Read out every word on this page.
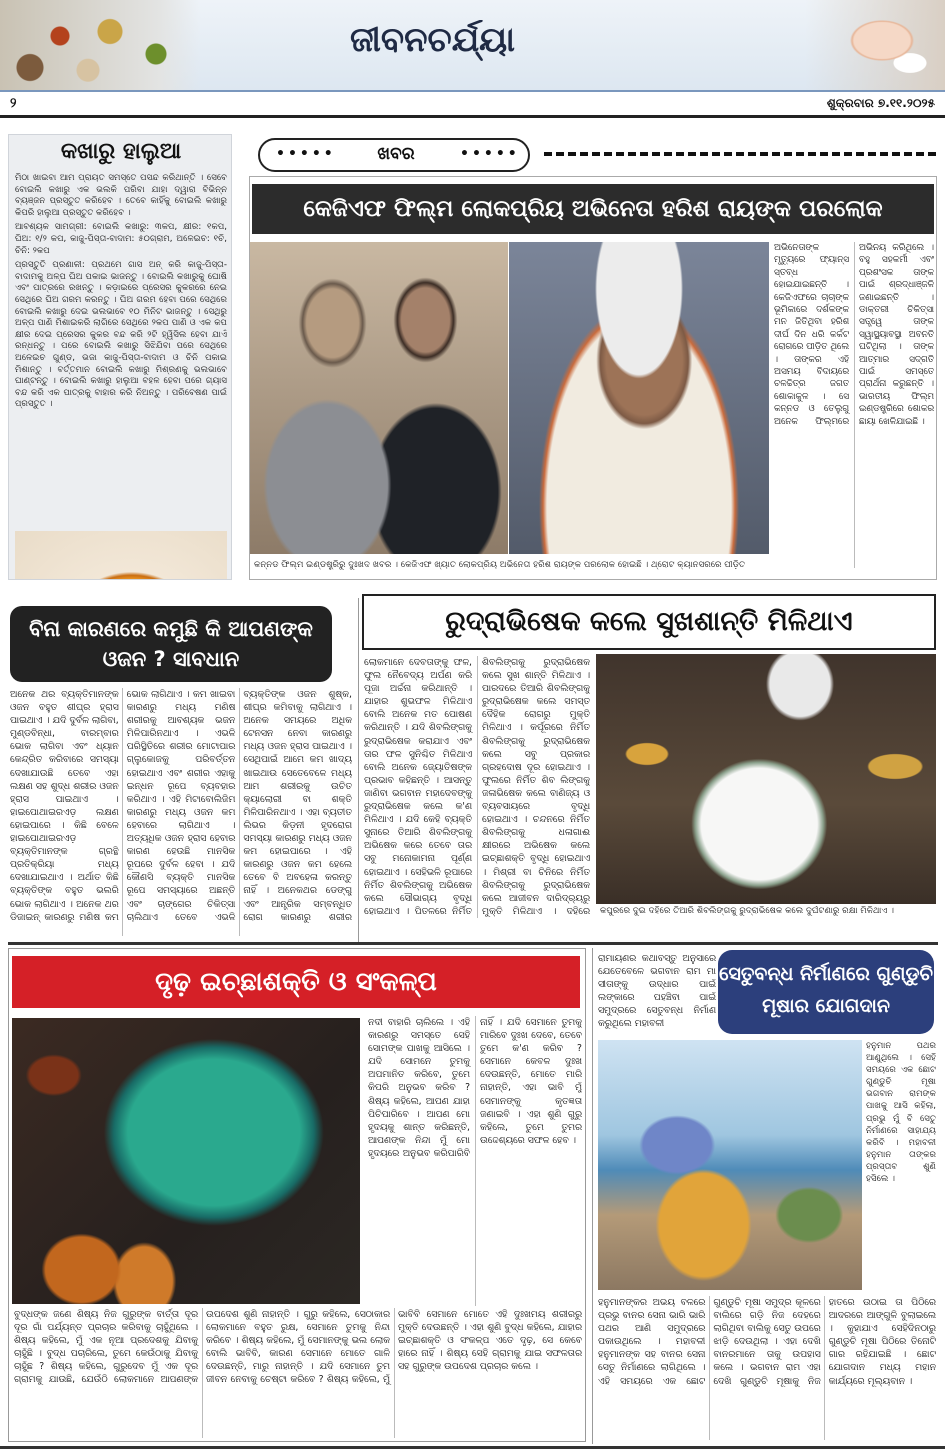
ଜୀବନଚର୍ଯ୍ୟା
୨	ଶୁକ୍ରବାର ୭.୧୧.୨୦୨୫
କଖାରୁ ହାଲୁଆ

ମିଠା ଖାଇବା ଆମ ପ୍ରାୟତ ସମସ୍ତେ ପସନ୍ଦ କରିଥାନ୍ତି । ସେବେ ବୋଇଲି କଖାରୁ ଏକ ଭଲକି ପରିବା ଯାହା ଦ୍ୱାରା ବିଭିନ୍ନ ବ୍ୟଞ୍ଜନ ପ୍ରସ୍ତୁତ କରିହେବ । ତେବେ କାହିଁକୁ ବୋଇଲି କଖାରୁ କିପରି ହାଲୁଆ ପ୍ରସ୍ତୁତ କରିହେବ ।

ଆବଶ୍ୟକ ସାମଗ୍ରୀ: ବୋଇଲି କଖାରୁ: ୩କପ, କ୍ଷୀର: ୧କପ, ଘିଅ: ୧/୨ କପ, କାଜୁ-ପିସ୍ତା-ବାଦାମ: ୫୦ଗ୍ରାମ, ଅଳେଇଚ: ୧ଚି, ଚିନି: ୨କପ

ପ୍ରସ୍ତୁତି ପ୍ରଣାଳୀ: ପ୍ରଥମେ ଗାସ ଅନ୍ କରି କାଜୁ-ପିସ୍ତା-ବାଦାମକୁ ଅଳ୍ପ ଘିଅ ପକାଇ ଭାଜନ୍ତୁ । ବୋଇଲି କଖାରୁକୁ ଘୋଷି ଏବଂ ପାତ୍ରରେ ରଖନ୍ତୁ । କଡ଼ାଇରେ ପ୍ରେସର କୁକରରେ ନେଇ ସେଥିରେ ଘିଅ ଗରମ କରନ୍ତୁ । ଘିଅ ଗରମ ହେବା ପରେ ସେଥିରେ ବୋଇଲି କଖାରୁ ଦେଇ ଭଲଭାବେ ୧୦ ମିନିଟ ଭାଜନ୍ତୁ । ସେଥିରୁ ଅଳ୍ପ ପାଣି ମିଶାଇକରି ଲାଗିରେ ସେଥିରେ ୨କପ ପାଣି ଓ ଏକ କପ କ୍ଷୀର ଦେଇ ପ୍ରେସର କୁକର ବନ୍ଦ କରି ୨ଟି ହ୍ୱିସିଲ ହେବା ଯାଏଁ ରନ୍ଧନ୍ତୁ । ପରେ ବୋଇଲି କଖାରୁ ସିଝିଯିବା ପରେ ସେଥିରେ ଅଳେଇଚ ଗୁଣ୍ଡ, ଭଜା କାଜୁ-ପିସ୍ତା-ବାଦାମ ଓ ଚିନି ପକାଇ ମିଶାନ୍ତୁ । ବର୍ତ୍ତମାନ ବୋଇଲି କଖାରୁ ମିଶ୍ରଣକୁ ଭଲଭାବେ ଘାଣ୍ଟନ୍ତୁ । ବୋଇଲି କଖାରୁ ହାଲୁଆ ବହଳ ହେବା ପରେ ଗ୍ୟାସ ବନ୍ଦ କରି ଏକ ପାତ୍ରକୁ ବାହାର କରି ନିଅନ୍ତୁ । ପରିବେଷଣ ପାଇଁ ପ୍ରସ୍ତୁତ ।

•••••	ଖବର	•••••
କେଜିଏଫ ଫିଲ୍ମ ଲୋକପ୍ରିୟ ଅଭିନେତା ହରିଶ ରାୟଙ୍କ ପରଲୋକ
ଅଭିନେତାଙ୍କ ମୃତ୍ୟୁରେ ଫ୍ୟାନ୍ସ ସ୍ତବ୍ଧ ହୋଇଯାଇଛନ୍ତି । କେଜିଏଫରେ ଚାଚାଙ୍କ ଭୂମିକାରେ ଦର୍ଶକଙ୍କ ମନ ଜିତିଥିବା ହରିଶ ଦୀର୍ଘ ଦିନ ଧରି କର୍କଟ ରୋଗରେ ପୀଡ଼ିତ ଥିଲେ । ତାଙ୍କର ଏହି ଅସମୟ ବିଦାୟରେ ଚଳଚ୍ଚିତ୍ର ଜଗତ ଶୋକାକୁଳ । ସେ କନ୍ନଡ ଓ ତେଲୁଗୁ ଅନେକ ଫିଲ୍ମରେ ଅଭିନୟ କରିଥିଲେ । ବହୁ ସହକର୍ମୀ ଏବଂ ପ୍ରଶଂସକ ତାଙ୍କ ପାଇଁ ଶ୍ରଦ୍ଧାଞ୍ଜଳି ଜଣାଇଛନ୍ତି । ଡାକ୍ତରୀ ଚିକିତ୍ସା ସତ୍ତ୍ୱେ ତାଙ୍କ ସ୍ୱାସ୍ଥ୍ୟାବସ୍ଥା ଅବନତି ଘଟିଥିଲା । ତାଙ୍କ ଆତ୍ମାର ସଦ୍ଗତି ପାଇଁ ସମସ୍ତେ ପ୍ରାର୍ଥନା କରୁଛନ୍ତି । ଭାରତୀୟ ଫିଲ୍ମ ଇଣ୍ଡଷ୍ଟ୍ରିରେ ଶୋକର ଛାୟା ଖେଳିଯାଇଛି ।
କନ୍ନଡ ଫିଲ୍ମ ଇଣ୍ଡଷ୍ଟ୍ରିରୁ ଦୁଃଖଦ ଖବର । କେଜିଏଫ ଖ୍ୟାତ ଲୋକପ୍ରିୟ ଅଭିନେତା ହରିଶ ରାୟଙ୍କ ପରଲୋକ ହୋଇଛି । ଥ୍ରୋଟ କ୍ୟାନସରରେ ପୀଡ଼ିତ
ବିନା କାରଣରେ କମୁଛି କି ଆପଣଙ୍କ ଓଜନ ? ସାବଧାନ
ଅନେକ ଥର ବ୍ୟକ୍ତିମାନଙ୍କ ଓଜନ ବହୁତ ଶୀଘ୍ର ହ୍ରାସ ପାଇଥାଏ । ଯଦି ଦୁର୍ବଳ ଲାଗିବା, ମୁଣ୍ଡବିନ୍ଧା, ବାରମ୍ବାର ଭୋକ ଲାଗିବା ଏବଂ ଧ୍ୟାନ କେନ୍ଦ୍ରିତ କରିବାରେ ସମସ୍ୟା ଦେଖାଯାଉଛି ତେବେ ଏହା ଲକ୍ଷଣ ସହ ଶୁଦ୍ଧ ଶରୀର ଓଜନ ହ୍ରାସ ପାଇଥାଏ । ହାଇପୋଥାଇରଏଡ଼ ଲକ୍ଷଣ ହୋଇପାରେ । କିଛି ବେଳେ ହାଇପୋଥାଇରଏଡ଼ ବ୍ୟକ୍ତିମାନଙ୍କ ଗ୍ରନ୍ଥି ପ୍ରତିକ୍ରିୟା ମଧ୍ୟ ଦେଖାଯାଇଥାଏ । ଅର୍ଥାତ କିଛି ବ୍ୟକ୍ତିଙ୍କ ବହୁତ ଭଲରି ଭୋକ ଲାଗିଥାଏ । ଅନେକ ଥର ଡିଜାଇନ୍ କାରଣରୁ ମଣିଷ କମ ଭୋକ ଲାଗିଥାଏ । କମ ଖାଇବା କାରଣରୁ ମଧ୍ୟ ମଣିଷ ଶରୀରକୁ ଆବଶ୍ୟକ ଭଜନ ମିଳିପାରିନଥାଏ । ଏଭଳି ପରିସ୍ଥିତିରେ ଶରୀର ମୋଟାପାର ଗ୍ଲୁକୋଜକୁ ପରିବର୍ତ୍ତନ ହୋଇଥାଏ ଏବଂ ଶରୀର ଏହାକୁ ଇନ୍ଧନ ରୂପେ ବ୍ୟବହାର କରିଥାଏ । ଏହି ମିଟାବୋଲିଜିମ କାରଣରୁ ମଧ୍ୟ ଓଜନ କମ ହେବାରେ ଲାଗିଥାଏ । ଅତ୍ୟଧିକ ଓଜନ ହ୍ରାସ ହେବାର କାରଣ ହେଉଛି ମାନସିକ ରୂପରେ ଦୁର୍ବଳ ହେବା । ଯଦି କୌଣସି ବ୍ୟକ୍ତି ମାନସିକ ରୂପେ ସମସ୍ୟାରେ ଅଛନ୍ତି ଏବଂ ଚାଙ୍ଗେର ଚିକିତ୍ସା ଚାଲିଥାଏ ତେବେ ଏଭଳି ବ୍ୟକ୍ତିଙ୍କ ଓଜନ ଶୁଷ୍କ, ଶୀଘ୍ର କମିବାକୁ ଲାଗିଥାଏ । ଅନେକ ସମୟରେ ଅଧିକ ଟେନସନ ନେବା କାରଣରୁ ମଧ୍ୟ ଓଜନ ହ୍ରାସ ପାଇଥାଏ । ସେଥିପାଇଁ ଆମେ କମ ଖାଦ୍ୟ ଖାଇଥାଉ ସେତେବେଳେ ମଧ୍ୟ ଆମ ଶରୀରକୁ ଉଚିତ କ୍ୟାଲୋରୀ ବା ଶକ୍ତି ମିଳିପାରିନଥାଏ । ଏହା ବ୍ୟତୀତ ଲିଭର କିଡ଼ନୀ ହୃଦରୋଗ ସମସ୍ୟା କାରଣରୁ ମଧ୍ୟ ଓଜନ କମ ହୋଇପାରେ । ଏହି କାରଣରୁ ଓଜନ କମ ହେଲେ ତେବେ ବି ଅବହେଳା କରନ୍ତୁ ନାହିଁ । ଅନେକଥର ଡେଙ୍ଗୁ ଏବଂ ଆନ୍ତ୍ରିକ ସମ୍ବନ୍ଧିତ ରୋଗ କାରଣରୁ ଶରୀର
ରୁଦ୍ରାଭିଷେକ କଲେ ସୁଖଶାନ୍ତି ମିଳିଥାଏ
ଲୋକମାନେ ଦେବତାଙ୍କୁ ଫଳ, ଫୁଲ ନୈବେଦ୍ୟ ଅର୍ପଣ କରି ପୂଜା ଅର୍ଚ୍ଚନା କରିଥାନ୍ତି । ଯାହାର ଶୁଭଫଳ ମିଳିଥାଏ ବୋଲି ଅନେକ ମତ ପୋଷଣ କରିଥାନ୍ତି । ଯଦି ଶିବଲିଙ୍ଗକୁ ରୁଦ୍ରାଭିଷେକ କରାଯାଏ ଏବଂ ତାର ଫଳ ସୁନିଶ୍ଚିତ ମିଳିଥାଏ ବୋଲି ଅନେକ ଜ୍ୟୋତିଷଙ୍କ ପ୍ରଭାବ କହିଛନ୍ତି । ଆସନ୍ତୁ ଜାଣିବା ଭଗବାନ ମହାଦେବଙ୍କୁ ରୁଦ୍ରାଭିଷେକ କଲେ କ'ଣ ମିଳିଥାଏ । ଯଦି କେହି ବ୍ୟକ୍ତି ସୁନାରେ ତିଆରି ଶିବଲିଙ୍ଗକୁ ଅଭିଷେକ କରେ ତେବେ ତାର ସବୁ ମନୋକାମନା ପୂର୍ଣ୍ଣ ହୋଇଥାଏ । ସେହିଭଳି ରୂପାରେ ନିର୍ମିତ ଶିବଲିଙ୍ଗକୁ ଅଭିଷେକ କଲେ ସୌଭାଗ୍ୟ ବୃଦ୍ଧି ହୋଇଥାଏ । ପିତଳରେ ନିର୍ମିତ ଶିବଲିଙ୍ଗକୁ ରୁଦ୍ରାଭିଷେକ କଲେ ସୁଖ ଶାନ୍ତି ମିଳିଥାଏ । ପାରଦରେ ତିଆରି ଶିବଲିଙ୍ଗକୁ ରୁଦ୍ରାଭିଷେକ କଲେ ସମସ୍ତ ଦୈହିକ ରୋଗରୁ ମୁକ୍ତି ମିଳିଥାଏ । କର୍ପୂରରେ ନିର୍ମିତ ଶିବଲିଙ୍ଗକୁ ରୁଦ୍ରାଭିଷେକ କଲେ ସବୁ ପ୍ରକାର ଗ୍ରହଦୋଷ ଦୂର ହୋଇଥାଏ । ଫୁଲରେ ନିର୍ମିତ ଶିବ ଲିଙ୍ଗକୁ ଜଳାଭିଷେକ କଲେ ବାଣିଜ୍ୟ ଓ ବ୍ୟବସାୟରେ ବୃଦ୍ଧି ହୋଇଥାଏ । ଚନ୍ଦନରେ ନିର୍ମିତ ଶିବଲିଙ୍ଗକୁ ଧଳାଗାଈ କ୍ଷୀରରେ ଅଭିଷେକ କଲେ ଇଚ୍ଛାଶକ୍ତି ବୃଦ୍ଧି ହୋଇଥାଏ । ମିଶ୍ରୀ ବା ଚିନିରେ ନିର୍ମିତ ଶିବଲିଙ୍ଗକୁ ରୁଦ୍ରାଭିଷେକ କଲେ ଆଜୀବନ ଦାରିଦ୍ର୍ୟରୁ ମୁକ୍ତି ମିଳିଥାଏ । ଦହିରେ କପୁରରେ ଦୁଇ ଦହିରେ ତିଆରି ଶିବଲିଙ୍ଗକୁ ରୁଦ୍ରାଭିଷେକ କଲେ ଦୁର୍ଘଟଣାରୁ ରକ୍ଷା ମିଳିଥାଏ ।
ଦୃଢ଼ ଇଚ୍ଛାଶକ୍ତି ଓ ସଂକଳ୍ପ
ନଦୀ ବାହାରି ଚାଲିଲେ । ଏହି କାରଣରୁ ସମସ୍ତେ ସେହି ସୋମଙ୍କ ପାଖକୁ ଆସିଲେ । ଯଦି ସୋମନେ ତୁମକୁ ଅପମାନିତ କରିବେ, ତୁମେ କିପରି ଅନୁଭବ କରିବ ? ଶିଷ୍ୟ କହିଲେ, ଆପଣ ଯାହା ପିଚିପାରିବେ । ଆପଣ ମୋ ହୃଦୟକୁ ଶାନ୍ତ କରିଛନ୍ତି, ଆପଣଙ୍କ ନିନ୍ଦା ମୁଁ ମୋ ହୃଦୟରେ ଅନୁଭବ କରିପାରିବି ନାହିଁ । ଯଦି ସେମାନେ ତୁମକୁ ମାରିବେ ଦୁଃଖ ଦେବେ, ତେବେ ତୁମେ କ'ଣ କରିବ ? ସେମାନେ କେବଳ ଦୁଃଖ ଦେଉଛନ୍ତି, ମୋତେ ମାରି ନାହାନ୍ତି, ଏହା ଭାବି ମୁଁ ସେମାନଙ୍କୁ କୃତଜ୍ଞତା ଜଣାଇବି । ଏହା ଶୁଣି ଗୁରୁ କହିଲେ, ତୁମେ ତୁମର ଉଦ୍ଦେଶ୍ୟରେ ସଫଳ ହେବ ।
ବୁଦ୍ଧଙ୍କ ଜଣେ ଶିଷ୍ୟ ନିଜ ଗୁରୁଙ୍କ ବାର୍ତ୍ତା ଦୂର ଦୂର ଗାଁ ପର୍ଯ୍ୟନ୍ତ ପ୍ରଚାର କରିବାକୁ ଚାହୁଁଥିଲେ । ଶିଷ୍ୟ କହିଲେ, ମୁଁ ଏକ ନୂଆ ପ୍ରଦେଶକୁ ଯିବାକୁ ଚାହୁଁଛି । ବୁଦ୍ଧ ପଚାରିଲେ, ତୁମେ କେଉଁଠାକୁ ଯିବାକୁ ଚାହୁଁଛ ? ଶିଷ୍ୟ କହିଲେ, ଗୁରୁଦେବ ମୁଁ ଏକ ଦୂର ଗ୍ରାମକୁ ଯାଉଛି, ଯେଉଁଠି ଲୋକମାନେ ଆପଣଙ୍କ ଉପଦେଶ ଶୁଣି ନାହାନ୍ତି । ଗୁରୁ କହିଲେ, ସେଠାକାର ଲୋକମାନେ ବହୁତ ରୁକ୍ଷ, ସେମାନେ ତୁମକୁ ନିନ୍ଦା କରିବେ । ଶିଷ୍ୟ କହିଲେ, ମୁଁ ସେମାନଙ୍କୁ ଭଲ ଲୋକ ବୋଲି ଭାବିବି, କାରଣ ସେମାନେ ମୋତେ ଗାଳି ଦେଉଛନ୍ତି, ମାରୁ ନାହାନ୍ତି । ଯଦି ସେମାନେ ତୁମ ଜୀବନ ନେବାକୁ ଚେଷ୍ଟା କରିବେ ? ଶିଷ୍ୟ କହିଲେ, ମୁଁ ଭାବିବି ସେମାନେ ମୋତେ ଏହି ଦୁଃଖମୟ ଶରୀରରୁ ମୁକ୍ତି ଦେଉଛନ୍ତି । ଏହା ଶୁଣି ବୁଦ୍ଧ କହିଲେ, ଯାହାର ଇଚ୍ଛାଶକ୍ତି ଓ ସଂକଳ୍ପ ଏତେ ଦୃଢ଼, ସେ କେବେ ହାରେ ନାହିଁ । ଶିଷ୍ୟ ସେହି ଗ୍ରାମକୁ ଯାଇ ସଫଳତାର ସହ ଗୁରୁଙ୍କ ଉପଦେଶ ପ୍ରଚାର କଲେ ।
ରାମାୟଣର କଥାବସ୍ତୁ ଅନୁସାରେ ଯେତେବେଳେ ଭଗବାନ ରାମ ମା ସୀତାଙ୍କୁ ଉଦ୍ଧାର ପାଇଁ ଲଙ୍କାରେ ପହଞ୍ଚିବା ପାଇଁ ସମୁଦ୍ରରେ ସେତୁବନ୍ଧ ନିର୍ମାଣ କରୁଥିଲେ ମହାବଳୀ
ସେତୁବନ୍ଧ ନିର୍ମାଣରେ ଗୁଣ୍ଡୁଚି ମୂଷାର ଯୋଗଦାନ
ହନୁମାନ ପଥର ଆଣୁଥିଲେ । ସେହି ସମୟରେ ଏକ ଛୋଟ ଗୁଣ୍ଡୁଚି ମୂଷା ଭଗବାନ ରାମଙ୍କ ପାଖକୁ ଆସି କହିଲା, ପ୍ରଭୁ ମୁଁ ବି ସେତୁ ନିର୍ମାଣରେ ସାହାଯ୍ୟ କରିବି । ମହାବଳୀ ହନୁମାନ ତାଙ୍କର ପ୍ରସ୍ତାବ ଶୁଣି ହସିଲେ ।
ହନୁମାନଙ୍କର ଅଭୟ ବଳରେ ପ୍ରଭୁ ବାନର ସେନା ଭାରି ଭାରି ପଥର ଆଣି ସମୁଦ୍ରରେ ପକାଉଥିଲେ । ମହାବଳୀ ହନୁମାନଙ୍କ ସହ ବାନର ସେନା ସେତୁ ନିର୍ମାଣରେ ଲାଗିଥିଲେ । ଏହି ସମୟରେ ଏକ ଛୋଟ ଗୁଣ୍ଡୁଚି ମୂଷା ସମୁଦ୍ର କୂଳରେ ବାଲିରେ ଗଡ଼ି ନିଜ ଦେହରେ ଲାଗିଥିବା ବାଲିକୁ ସେତୁ ଉପରେ ଝାଡ଼ି ଦେଉଥିଲା । ଏହା ଦେଖି ବାନରମାନେ ତାକୁ ଉପହାସ କଲେ । ଭଗବାନ ରାମ ଏହା ଦେଖି ଗୁଣ୍ଡୁଚି ମୂଷାକୁ ନିଜ ହାତରେ ଉଠାଇ ତା ପିଠିରେ ଆଦରରେ ଆଙ୍ଗୁଳି ବୁଲାଇଲେ । କୁହାଯାଏ ସେହିଦିନଠାରୁ ଗୁଣ୍ଡୁଚି ମୂଷା ପିଠିରେ ତିନୋଟି ଗାର ରହିଯାଇଛି । ଛୋଟ ଯୋଗଦାନ ମଧ୍ୟ ମହାନ କାର୍ଯ୍ୟରେ ମୂଲ୍ୟବାନ ।
